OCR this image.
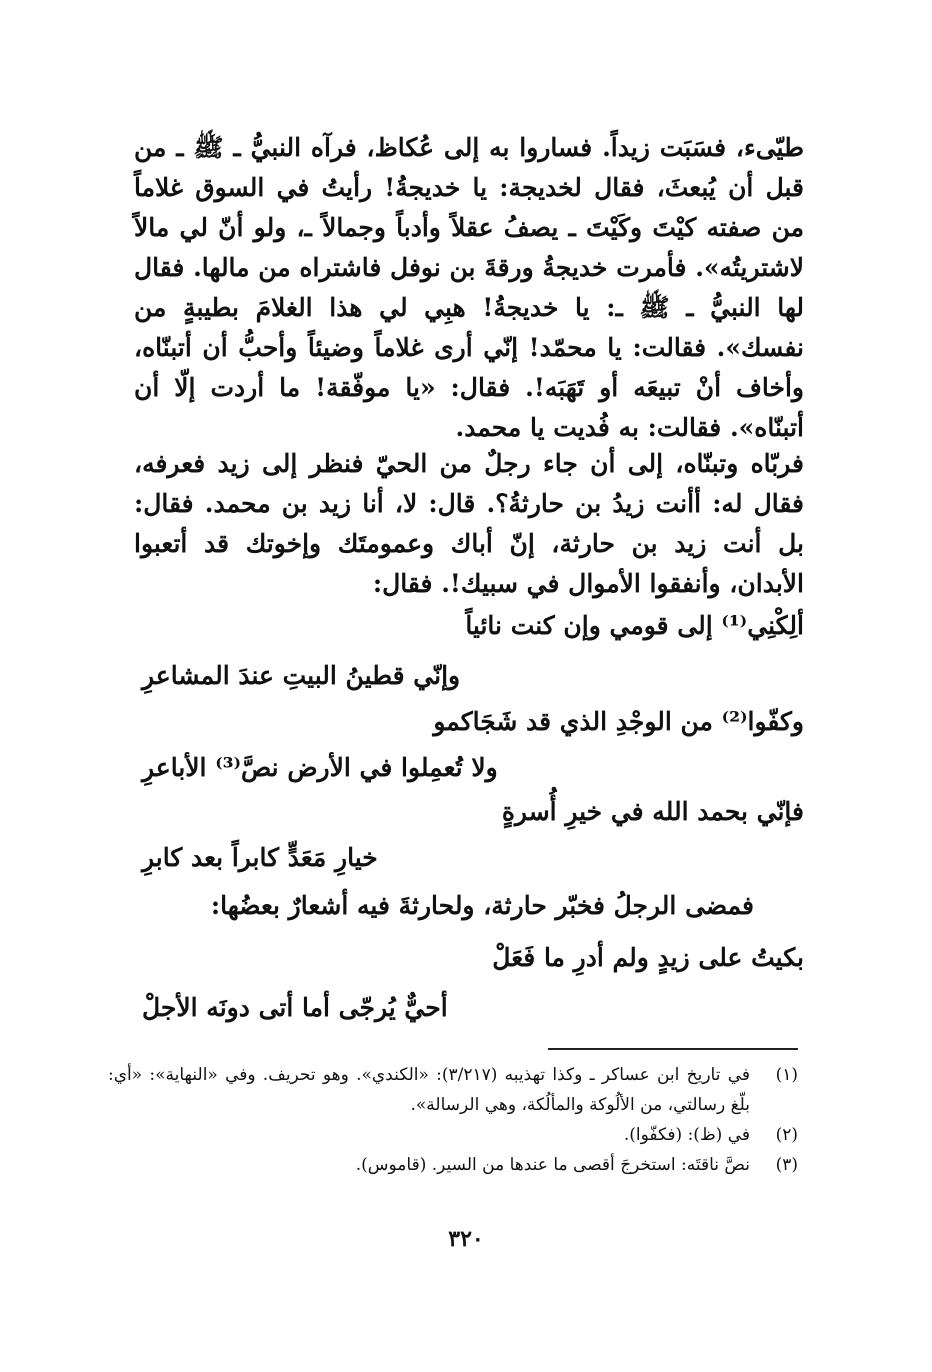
طيّىء، فسَبَت زيداً. فساروا به إلى عُكاظ، فرآه النبيُّ ـ ﷺ ـ من قبل أن يُبعثَ، فقال لخديجة: يا خديجةُ! رأيتُ في السوق غلاماً من صفته كيْتَ وكَيْتَ ـ يصفُ عقلاً وأدباً وجمالاً ـ، ولو أنّ لي مالاً لاشتريتُه». فأمرت خديجةُ ورقةَ بن نوفل فاشتراه من مالها. فقال لها النبيُّ ـ ﷺ ـ: يا خديجةُ! هبِي لي هذا الغلامَ بطيبةٍ من نفسك». فقالت: يا محمّد! إنّي أرى غلاماً وضيئاً وأحبُّ أن أتبنّاه، وأخاف أنْ تبيعَه أو تَهَبَه!. فقال: «يا موفّقة! ما أردت إلّا أن أتبنّاه». فقالت: به فُديت يا محمد.
فربّاه وتبنّاه، إلى أن جاء رجلٌ من الحيّ فنظر إلى زيد فعرفه، فقال له: أأنت زيدُ بن حارثةُ؟. قال: لا، أنا زيد بن محمد. فقال: بل أنت زيد بن حارثة، إنّ أباك وعمومتَك وإخوتك قد أتعبوا الأبدان، وأنفقوا الأموال في سبيك!. فقال:
ألِكْنِي⁽¹⁾ إلى قومي وإن كنت نائياً
وإنّي قطينُ البيتِ عندَ المشاعرِ
وكفّوا⁽²⁾ من الوجْدِ الذي قد شَجَاكمو
ولا تُعمِلوا في الأرض نصَّ⁽³⁾ الأباعرِ
فإنّي بحمد الله في خيرِ أُسرةٍ
خيارِ مَعَدٍّ كابراً بعد كابرِ
فمضى الرجلُ فخبّر حارثة، ولحارثةَ فيه أشعارٌ بعضُها:
بكيتُ على زيدٍ ولم أدرِ ما فَعَلْ
أحيٌّ يُرجّى أما أتى دونَه الأجلْ
(١)
في تاريخ ابن عساكر ـ وكذا تهذيبه (٣/٢١٧): «الكندي». وهو تحريف. وفي «النهاية»: «أي: بلّغ رسالتي، من الألُوكة والمألُكة، وهي الرسالة».
(٢)
في (ظ): (فكفّوا).
(٣)
نصَّ ناقتَه: استخرجَ أقصى ما عندها من السير. (قاموس).
٣٢٠
